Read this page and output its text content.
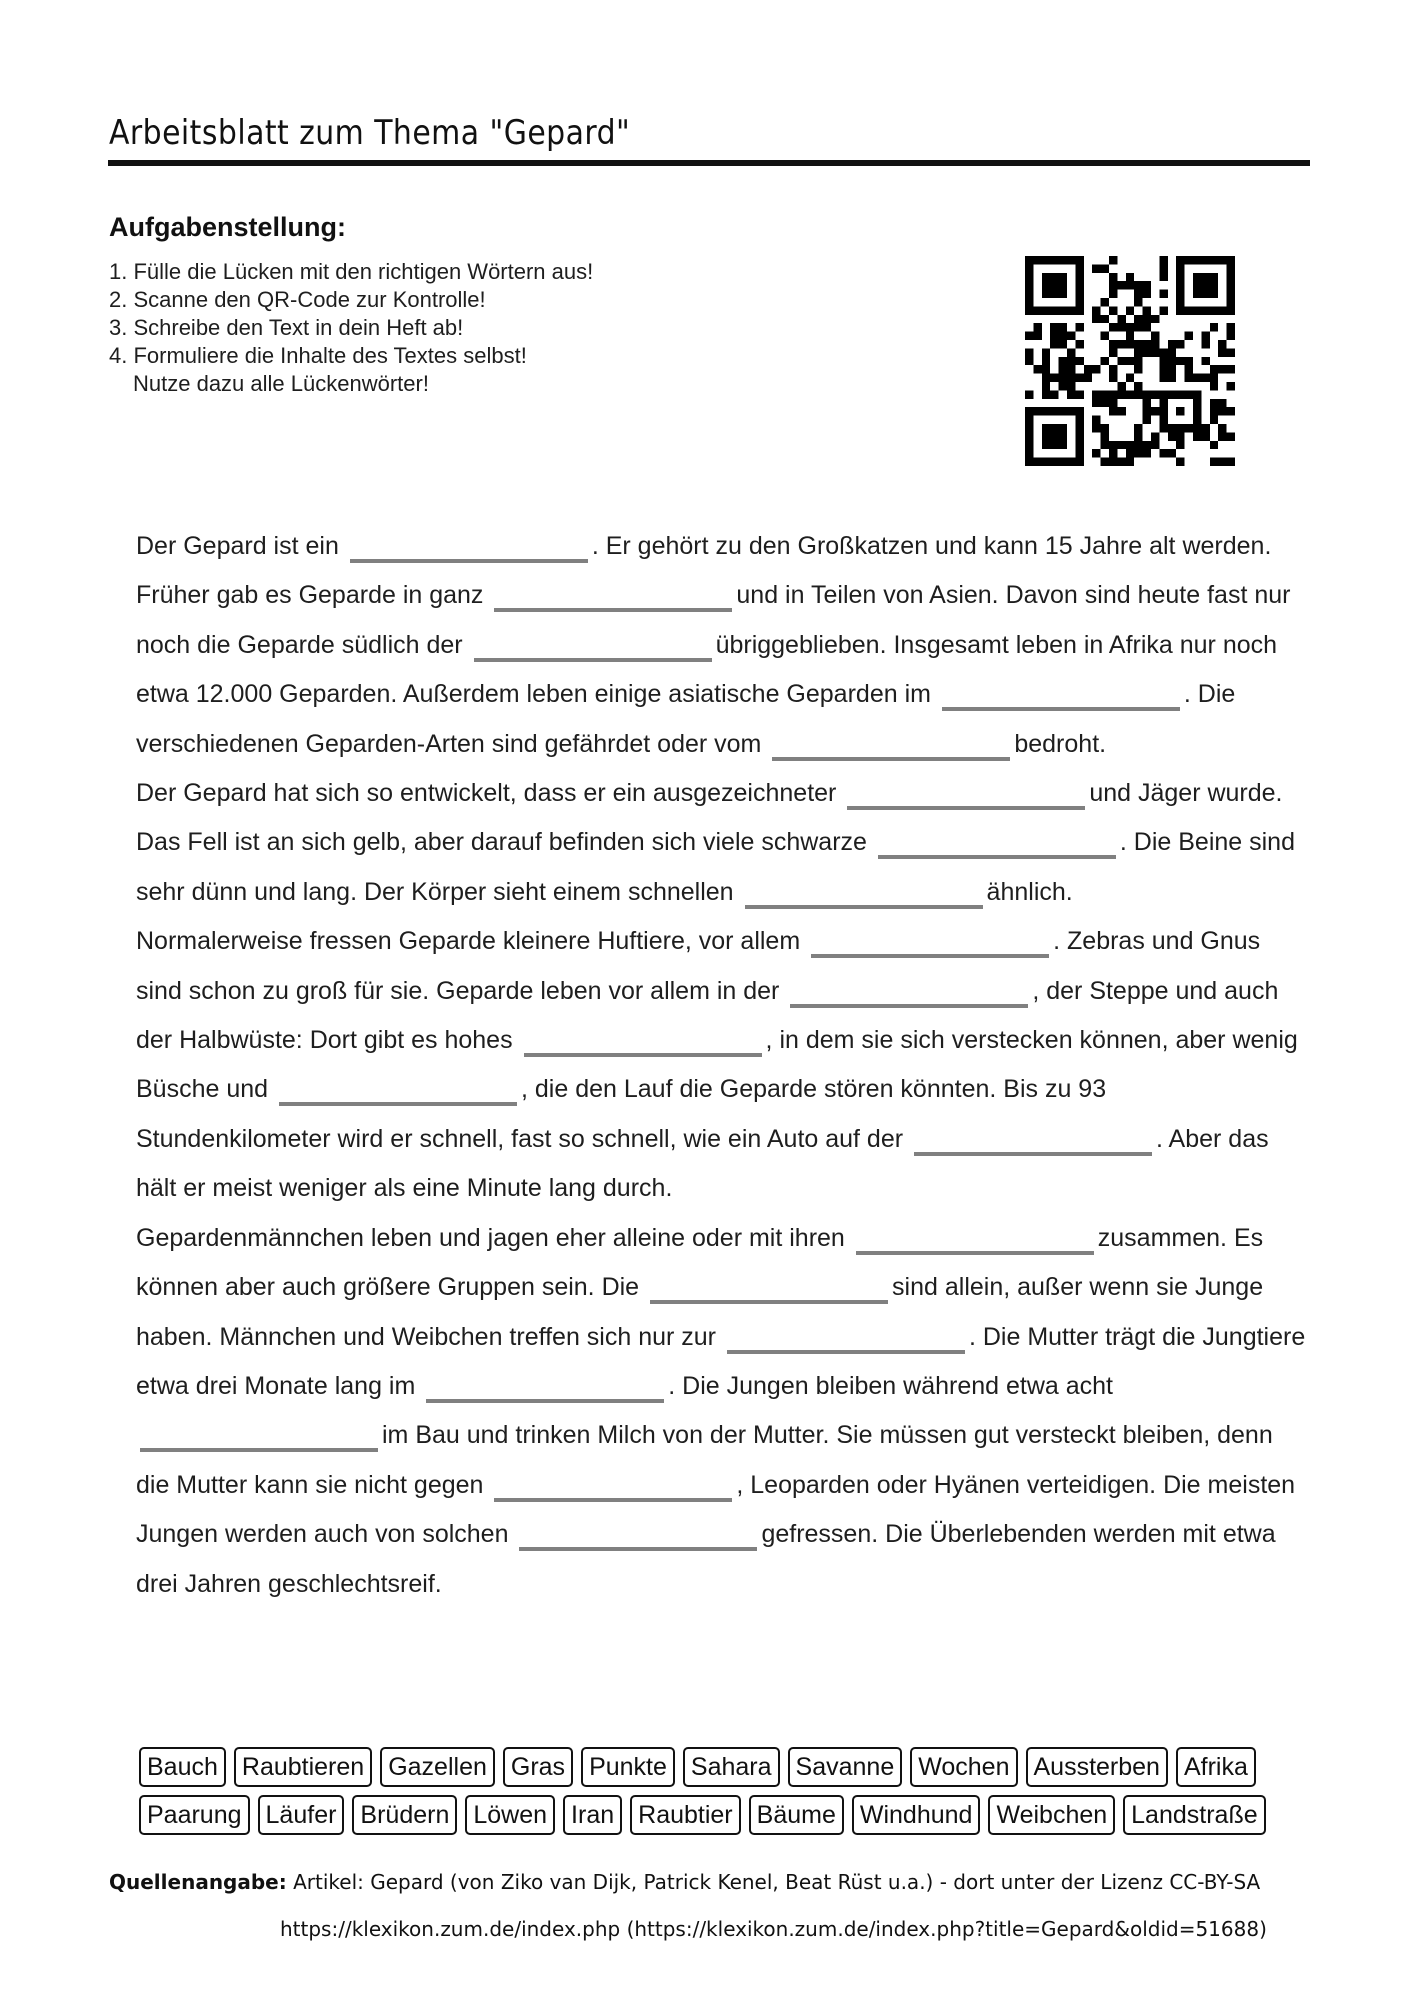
Arbeitsblatt zum Thema "Gepard"
Aufgabenstellung:
1. Fülle die Lücken mit den richtigen Wörtern aus!
2. Scanne den QR-Code zur Kontrolle!
3. Schreibe den Text in dein Heft ab!
4. Formuliere die Inhalte des Textes selbst!
Nutze dazu alle Lückenwörter!

Der Gepard ist ein	. Er gehört zu den Großkatzen und kann 15 Jahre alt werden. Früher gab es Geparde in ganz	und in Teilen von Asien. Davon sind heute fast nur noch die Geparde südlich der	übriggeblieben. Insgesamt leben in Afrika nur noch etwa 12.000 Geparden. Außerdem leben einige asiatische Geparden im	. Die verschiedenen Geparden-Arten sind gefährdet oder vom	bedroht.

Der Gepard hat sich so entwickelt, dass er ein ausgezeichneter	und Jäger wurde. Das Fell ist an sich gelb, aber darauf befinden sich viele schwarze	. Die Beine sind sehr dünn und lang. Der Körper sieht einem schnellen	ähnlich.

Normalerweise fressen Geparde kleinere Huftiere, vor allem	. Zebras und Gnus sind schon zu groß für sie. Geparde leben vor allem in der	, der Steppe und auch der Halbwüste: Dort gibt es hohes	, in dem sie sich verstecken können, aber wenig Büsche und	, die den Lauf die Geparde stören könnten. Bis zu 93 Stundenkilometer wird er schnell, fast so schnell, wie ein Auto auf der	. Aber das hält er meist weniger als eine Minute lang durch.

Gepardenmännchen leben und jagen eher alleine oder mit ihren	zusammen. Es können aber auch größere Gruppen sein. Die	sind allein, außer wenn sie Junge haben. Männchen und Weibchen treffen sich nur zur	. Die Mutter trägt die Jungtiere etwa drei Monate lang im	. Die Jungen bleiben während etwa acht im Bau und trinken Milch von der Mutter. Sie müssen gut versteckt bleiben, denn die Mutter kann sie nicht gegen	, Leoparden oder Hyänen verteidigen. Die meisten Jungen werden auch von solchen	gefressen. Die Überlebenden werden mit etwa drei Jahren geschlechtsreif.

Bauch Raubtieren Gazellen Gras Punkte Sahara Savanne Wochen Aussterben Afrika
Paarung Läufer Brüdern Löwen Iran Raubtier Bäume Windhund Weibchen Landstraße
Quellenangabe: Artikel: Gepard (von Ziko van Dijk, Patrick Kenel, Beat Rüst u.a.) - dort unter der Lizenz CC-BY-SA
https://klexikon.zum.de/index.php (https://klexikon.zum.de/index.php?title=Gepard&oldid=51688)
